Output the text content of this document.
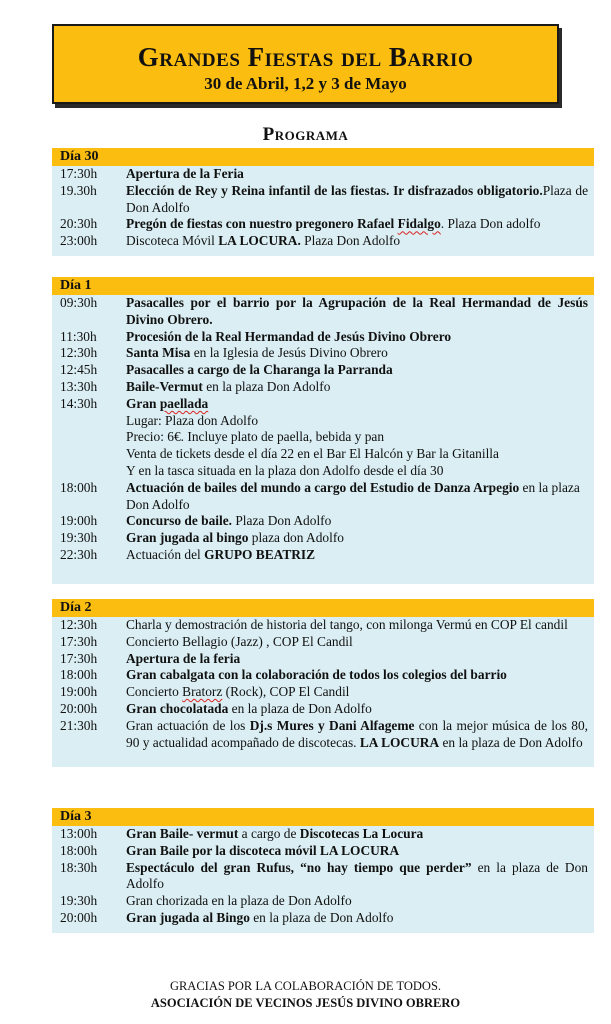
Grandes Fiestas del Barrio
30 de Abril, 1,2 y 3 de Mayo
Programa
Día 30
17:30h	Apertura de la Feria
19.30h	Elección de Rey y Reina infantil de las fiestas. Ir disfrazados obligatorio.Plaza de Don Adolfo
20:30h	Pregón de fiestas con nuestro pregonero Rafael Fidalgo. Plaza Don adolfo
23:00h	Discoteca Móvil LA LOCURA. Plaza Don Adolfo
Día 1
09:30h	Pasacalles por el barrio por la Agrupación de la Real Hermandad de Jesús Divino Obrero.
11:30h	Procesión de la Real Hermandad de Jesús Divino Obrero
12:30h	Santa Misa en la Iglesia de Jesús Divino Obrero
12:45h	Pasacalles a cargo de la Charanga la Parranda
13:30h	Baile-Vermut en la plaza Don Adolfo
14:30h	Gran paellada
Lugar: Plaza don Adolfo
Precio: 6€. Incluye plato de paella, bebida y pan
Venta de tickets desde el día 22 en el Bar El Halcón y Bar la Gitanilla
Y en la tasca situada en la plaza don Adolfo desde el día 30
18:00h	Actuación de bailes del mundo a cargo del Estudio de Danza Arpegio en la plaza Don Adolfo
19:00h	Concurso de baile. Plaza Don Adolfo
19:30h	Gran jugada al bingo plaza don Adolfo
22:30h	Actuación del GRUPO BEATRIZ
Día 2
12:30h	Charla y demostración de historia del tango, con milonga Vermú en COP El candil
17:30h	Concierto Bellagio (Jazz) , COP El Candil
17:30h	Apertura de la feria
18:00h	Gran cabalgata con la colaboración de todos los colegios del barrio
19:00h	Concierto Bratorz (Rock), COP El Candil
20:00h	Gran chocolatada en la plaza de Don Adolfo
21:30h	Gran actuación de los Dj.s Mures y Dani Alfageme con la mejor música de los 80, 90 y actualidad acompañado de discotecas. LA LOCURA en la plaza de Don Adolfo
Día 3
13:00h	Gran Baile- vermut a cargo de Discotecas La Locura
18:00h	Gran Baile por la discoteca móvil LA LOCURA
18:30h	Espectáculo del gran Rufus, “no hay tiempo que perder” en la plaza de Don Adolfo
19:30h	Gran chorizada en la plaza de Don Adolfo
20:00h	Gran jugada al Bingo en la plaza de Don Adolfo
GRACIAS POR LA COLABORACIÓN DE TODOS.
ASOCIACIÓN DE VECINOS JESÚS DIVINO OBRERO
